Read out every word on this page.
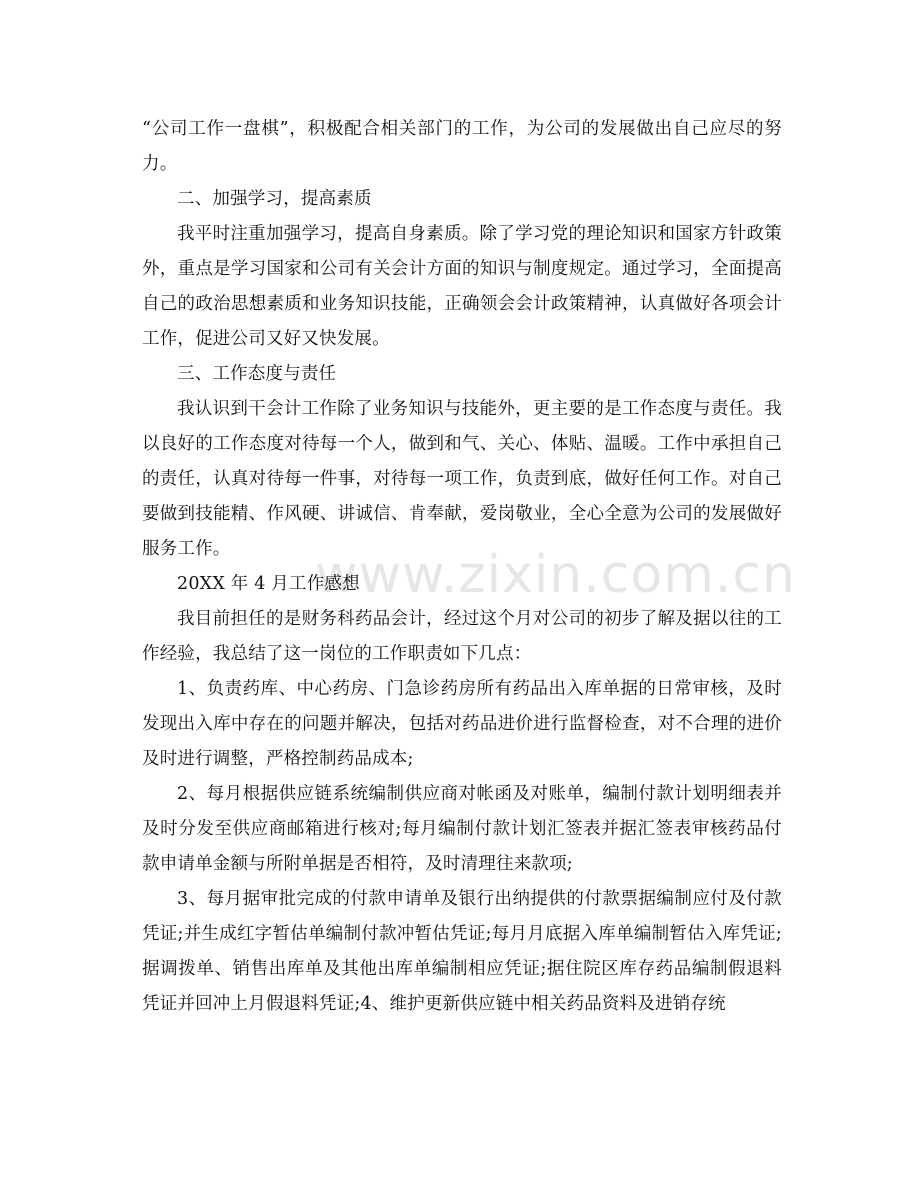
www.zixin.com.cn

“公司工作一盘棋”，积极配合相关部门的工作，为公司的发展做出自己应尽的努力。

二、加强学习，提高素质

我平时注重加强学习，提高自身素质。除了学习党的理论知识和国家方针政策外，重点是学习国家和公司有关会计方面的知识与制度规定。通过学习，全面提高自己的政治思想素质和业务知识技能，正确领会会计政策精神，认真做好各项会计工作，促进公司又好又快发展。

三、工作态度与责任

我认识到干会计工作除了业务知识与技能外，更主要的是工作态度与责任。我以良好的工作态度对待每一个人，做到和气、关心、体贴、温暖。工作中承担自己的责任，认真对待每一件事，对待每一项工作，负责到底，做好任何工作。对自己要做到技能精、作风硬、讲诚信、肯奉献，爱岗敬业，全心全意为公司的发展做好服务工作。

20XX 年 4 月工作感想

我目前担任的是财务科药品会计，经过这个月对公司的初步了解及据以往的工作经验，我总结了这一岗位的工作职责如下几点：

1、负责药库、中心药房、门急诊药房所有药品出入库单据的日常审核，及时发现出入库中存在的问题并解决，包括对药品进价进行监督检查，对不合理的进价及时进行调整，严格控制药品成本;

2、每月根据供应链系统编制供应商对帐函及对账单，编制付款计划明细表并及时分发至供应商邮箱进行核对;每月编制付款计划汇签表并据汇签表审核药品付款申请单金额与所附单据是否相符，及时清理往来款项;

3、每月据审批完成的付款申请单及银行出纳提供的付款票据编制应付及付款凭证;并生成红字暂估单编制付款冲暂估凭证;每月月底据入库单编制暂估入库凭证;据调拨单、销售出库单及其他出库单编制相应凭证;据住院区库存药品编制假退料凭证并回冲上月假退料凭证;4、维护更新供应链中相关药品资料及进销存统
